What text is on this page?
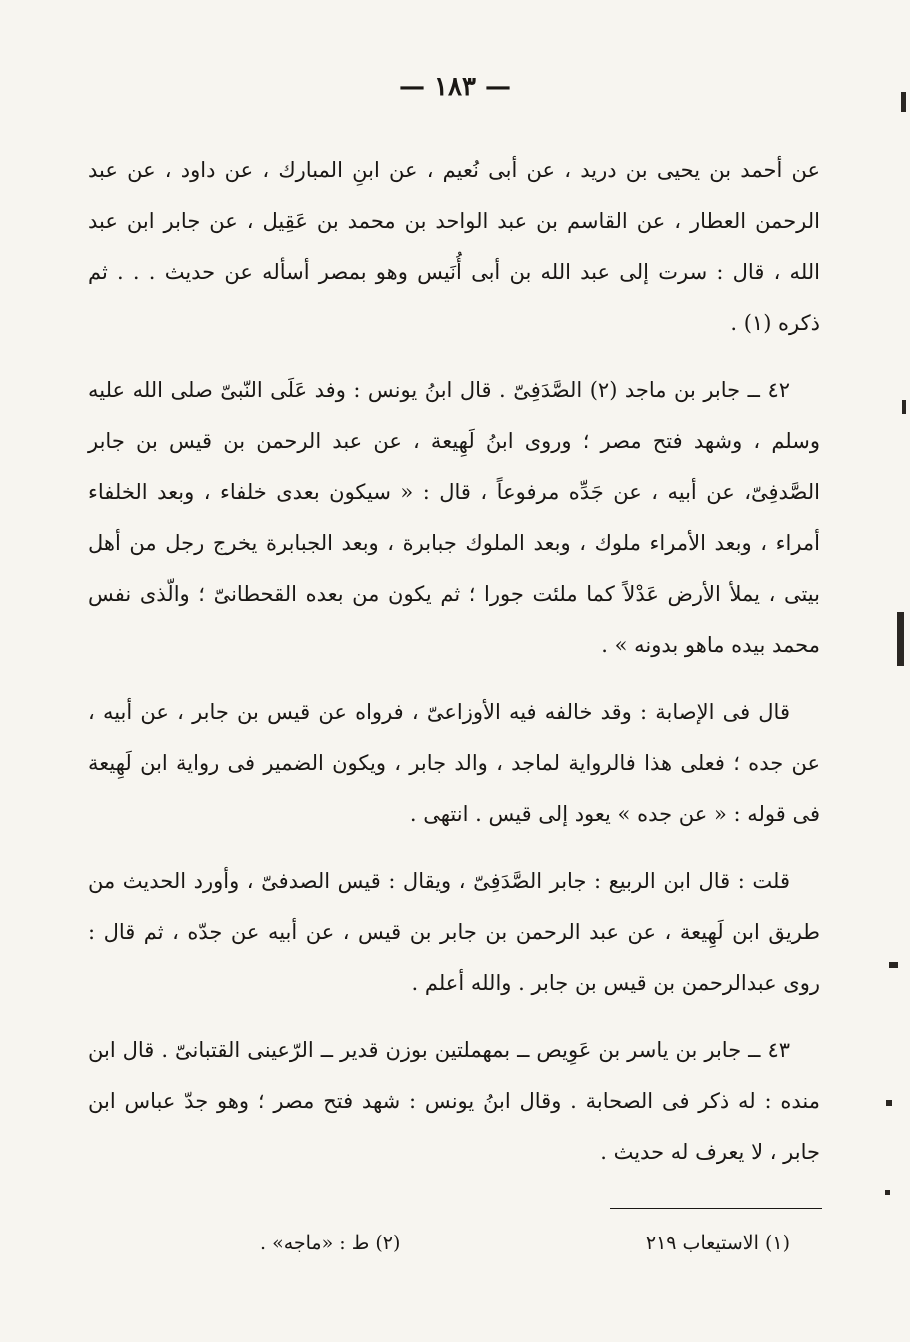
— ١٨٣ —

عن أحمد بن يحيى بن دريد ، عن أبى نُعيم ، عن ابنِ المبارك ، عن داود ، عن عبد الرحمن العطار ، عن القاسم بن عبد الواحد بن محمد بن عَقِيل ، عن جابر ابن عبد الله ، قال : سرت إلى عبد الله بن أبى أُنَيس وهو بمصر أسأله عن حديث . . . ثم ذكره (١) .

٤٢ ــ جابر بن ماجد (٢) الصَّدَفِىّ . قال ابنُ يونس : وفد عَلَى النّبىّ صلى الله عليه وسلم ، وشهد فتح مصر ؛ وروى ابنُ لَهِيعة ، عن عبد الرحمن بن قيس بن جابر الصَّدفِىّ، عن أبيه ، عن جَدِّه مرفوعاً ، قال : « سيكون بعدى خلفاء ، وبعد الخلفاء أمراء ، وبعد الأمراء ملوك ، وبعد الملوك جبابرة ، وبعد الجبابرة يخرج رجل من أهل بيتى ، يملأ الأرض عَدْلاً كما ملئت جورا ؛ ثم يكون من بعده القحطانىّ ؛ والّذى نفس محمد بيده ماهو بدونه » .

قال فى الإصابة : وقد خالفه فيه الأوزاعىّ ، فرواه عن قيس بن جابر ، عن أبيه ، عن جده ؛ فعلى هذا فالرواية لماجد ، والد جابر ، ويكون الضمير فى رواية ابن لَهِيعة فى قوله : « عن جده » يعود إلى قيس . انتهى .

قلت : قال ابن الربيع : جابر الصَّدَفِىّ ، ويقال : قيس الصدفىّ ، وأورد الحديث من طريق ابن لَهِيعة ، عن عبد الرحمن بن جابر بن قيس ، عن أبيه عن جدّه ، ثم قال : روى عبدالرحمن بن قيس بن جابر . والله أعلم .

٤٣ ــ جابر بن ياسر بن عَوِيص ــ بمهملتين بوزن قدير ــ الرّعينى القتبانىّ . قال ابن منده : له ذكر فى الصحابة . وقال ابنُ يونس : شهد فتح مصر ؛ وهو جدّ عباس ابن جابر ، لا يعرف له حديث .

(١) الاستيعاب ٢١٩
(٢) ط : «ماجه» .
